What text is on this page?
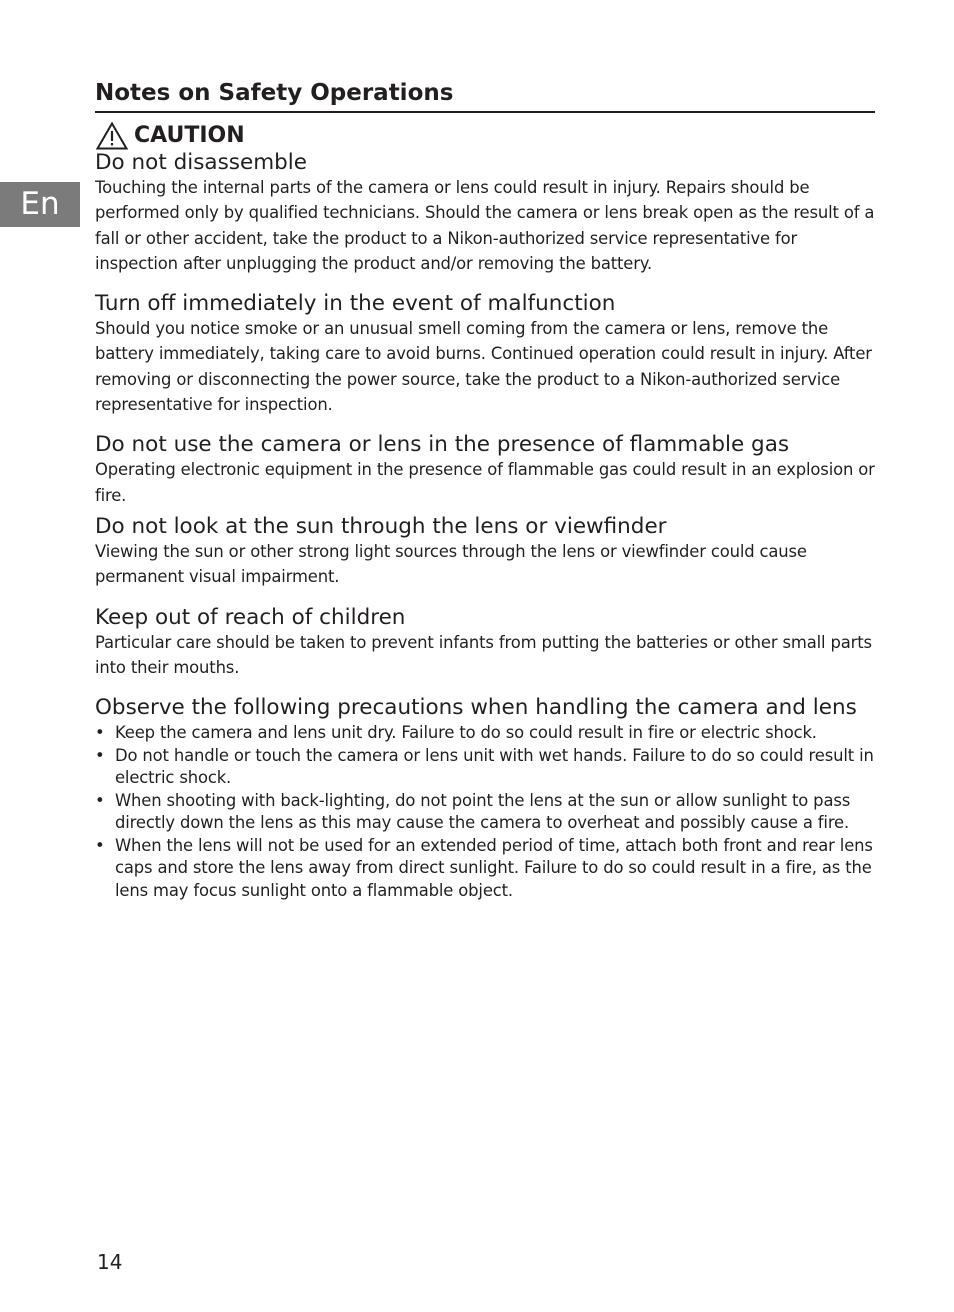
En
Notes on Safety Operations
CAUTION
Do not disassemble

Touching the internal parts of the camera or lens could result in injury. Repairs should be performed only by qualified technicians. Should the camera or lens break open as the result of a fall or other accident, take the product to a Nikon-authorized service representative for inspection after unplugging the product and/or removing the battery.

Turn off immediately in the event of malfunction

Should you notice smoke or an unusual smell coming from the camera or lens, remove the battery immediately, taking care to avoid burns. Continued operation could result in injury. After removing or disconnecting the power source, take the product to a Nikon-authorized service representative for inspection.

Do not use the camera or lens in the presence of flammable gas

Operating electronic equipment in the presence of flammable gas could result in an explosion or fire.

Do not look at the sun through the lens or viewfinder

Viewing the sun or other strong light sources through the lens or viewfinder could cause permanent visual impairment.

Keep out of reach of children

Particular care should be taken to prevent infants from putting the batteries or other small parts into their mouths.

Observe the following precautions when handling the camera and lens
• Keep the camera and lens unit dry. Failure to do so could result in fire or electric shock.
• Do not handle or touch the camera or lens unit with wet hands. Failure to do so could result in electric shock.
• When shooting with back-lighting, do not point the lens at the sun or allow sunlight to pass directly down the lens as this may cause the camera to overheat and possibly cause a fire.
• When the lens will not be used for an extended period of time, attach both front and rear lens caps and store the lens away from direct sunlight. Failure to do so could result in a fire, as the lens may focus sunlight onto a flammable object.
14
